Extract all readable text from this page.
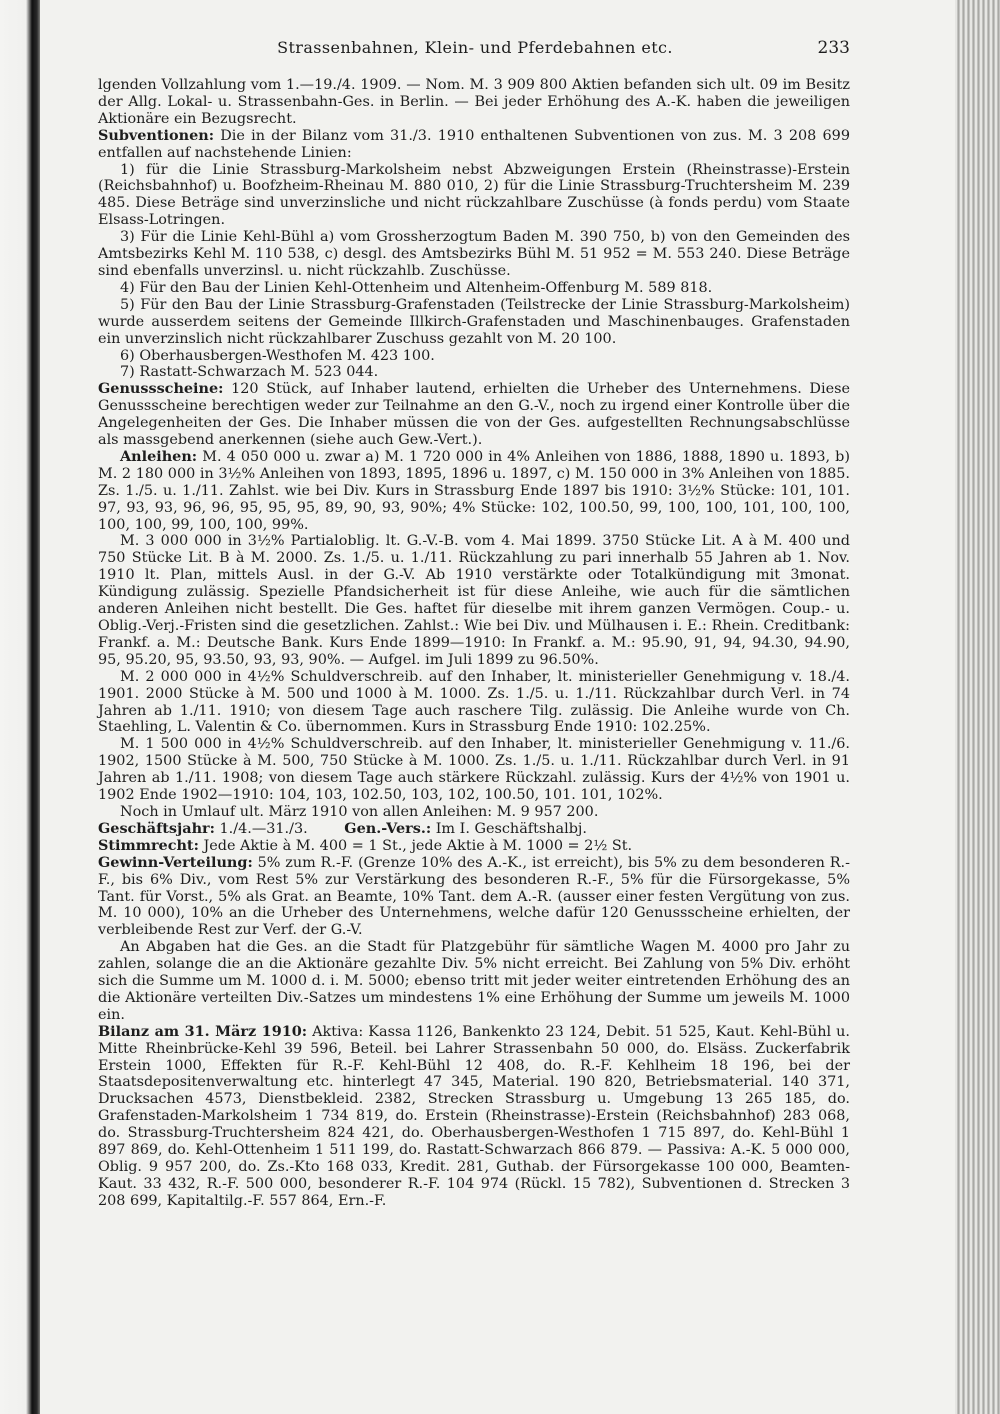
Strassenbahnen, Klein- und Pferdebahnen etc.	233

lgenden Vollzahlung vom 1.—19./4. 1909. — Nom. M. 3 909 800 Aktien befanden sich ult. 09 im Besitz der Allg. Lokal- u. Strassenbahn-Ges. in Berlin. — Bei jeder Erhöhung des A.-K. haben die jeweiligen Aktionäre ein Bezugsrecht.

Subventionen: Die in der Bilanz vom 31./3. 1910 enthaltenen Subventionen von zus. M. 3 208 699 entfallen auf nachstehende Linien:

1) für die Linie Strassburg-Markolsheim nebst Abzweigungen Erstein (Rheinstrasse)-Erstein (Reichsbahnhof) u. Boofzheim-Rheinau M. 880 010, 2) für die Linie Strassburg-Truchtersheim M. 239 485. Diese Beträge sind unverzinsliche und nicht rückzahlbare Zuschüsse (à fonds perdu) vom Staate Elsass-Lotringen.

3) Für die Linie Kehl-Bühl a) vom Grossherzogtum Baden M. 390 750, b) von den Gemeinden des Amtsbezirks Kehl M. 110 538, c) desgl. des Amtsbezirks Bühl M. 51 952 = M. 553 240. Diese Beträge sind ebenfalls unverzinsl. u. nicht rückzahlb. Zuschüsse.

4) Für den Bau der Linien Kehl-Ottenheim und Altenheim-Offenburg M. 589 818.

5) Für den Bau der Linie Strassburg-Grafenstaden (Teilstrecke der Linie Strassburg-Markolsheim) wurde ausserdem seitens der Gemeinde Illkirch-Grafenstaden und Maschinenbauges. Grafenstaden ein unverzinslich nicht rückzahlbarer Zuschuss gezahlt von M. 20 100.

6) Oberhausbergen-Westhofen M. 423 100.

7) Rastatt-Schwarzach M. 523 044.

Genussscheine: 120 Stück, auf Inhaber lautend, erhielten die Urheber des Unternehmens. Diese Genussscheine berechtigen weder zur Teilnahme an den G.-V., noch zu irgend einer Kontrolle über die Angelegenheiten der Ges. Die Inhaber müssen die von der Ges. aufgestellten Rechnungsabschlüsse als massgebend anerkennen (siehe auch Gew.-Vert.).

Anleihen: M. 4 050 000 u. zwar a) M. 1 720 000 in 4% Anleihen von 1886, 1888, 1890 u. 1893, b) M. 2 180 000 in 3½% Anleihen von 1893, 1895, 1896 u. 1897, c) M. 150 000 in 3% Anleihen von 1885. Zs. 1./5. u. 1./11. Zahlst. wie bei Div. Kurs in Strassburg Ende 1897 bis 1910: 3½% Stücke: 101, 101. 97, 93, 93, 96, 96, 95, 95, 95, 89, 90, 93, 90%; 4% Stücke: 102, 100.50, 99, 100, 100, 101, 100, 100, 100, 100, 99, 100, 100, 99%.

M. 3 000 000 in 3½% Partialoblig. lt. G.-V.-B. vom 4. Mai 1899. 3750 Stücke Lit. A à M. 400 und 750 Stücke Lit. B à M. 2000. Zs. 1./5. u. 1./11. Rückzahlung zu pari innerhalb 55 Jahren ab 1. Nov. 1910 lt. Plan, mittels Ausl. in der G.-V. Ab 1910 verstärkte oder Totalkündigung mit 3monat. Kündigung zulässig. Spezielle Pfandsicherheit ist für diese Anleihe, wie auch für die sämtlichen anderen Anleihen nicht bestellt. Die Ges. haftet für dieselbe mit ihrem ganzen Vermögen. Coup.- u. Oblig.-Verj.-Fristen sind die gesetzlichen. Zahlst.: Wie bei Div. und Mülhausen i. E.: Rhein. Creditbank: Frankf. a. M.: Deutsche Bank. Kurs Ende 1899—1910: In Frankf. a. M.: 95.90, 91, 94, 94.30, 94.90, 95, 95.20, 95, 93.50, 93, 93, 90%. — Aufgel. im Juli 1899 zu 96.50%.

M. 2 000 000 in 4½% Schuldverschreib. auf den Inhaber, lt. ministerieller Genehmigung v. 18./4. 1901. 2000 Stücke à M. 500 und 1000 à M. 1000. Zs. 1./5. u. 1./11. Rückzahlbar durch Verl. in 74 Jahren ab 1./11. 1910; von diesem Tage auch raschere Tilg. zulässig. Die Anleihe wurde von Ch. Staehling, L. Valentin & Co. übernommen. Kurs in Strassburg Ende 1910: 102.25%.

M. 1 500 000 in 4½% Schuldverschreib. auf den Inhaber, lt. ministerieller Genehmigung v. 11./6. 1902, 1500 Stücke à M. 500, 750 Stücke à M. 1000. Zs. 1./5. u. 1./11. Rückzahlbar durch Verl. in 91 Jahren ab 1./11. 1908; von diesem Tage auch stärkere Rückzahl. zulässig. Kurs der 4½% von 1901 u. 1902 Ende 1902—1910: 104, 103, 102.50, 103, 102, 100.50, 101. 101, 102%.

Noch in Umlauf ult. März 1910 von allen Anleihen: M. 9 957 200.

Geschäftsjahr: 1./4.—31./3.	Gen.-Vers.: Im I. Geschäftshalbj.

Stimmrecht: Jede Aktie à M. 400 = 1 St., jede Aktie à M. 1000 = 2½ St.

Gewinn-Verteilung: 5% zum R.-F. (Grenze 10% des A.-K., ist erreicht), bis 5% zu dem besonderen R.-F., bis 6% Div., vom Rest 5% zur Verstärkung des besonderen R.-F., 5% für die Fürsorgekasse, 5% Tant. für Vorst., 5% als Grat. an Beamte, 10% Tant. dem A.-R. (ausser einer festen Vergütung von zus. M. 10 000), 10% an die Urheber des Unternehmens, welche dafür 120 Genussscheine erhielten, der verbleibende Rest zur Verf. der G.-V.

An Abgaben hat die Ges. an die Stadt für Platzgebühr für sämtliche Wagen M. 4000 pro Jahr zu zahlen, solange die an die Aktionäre gezahlte Div. 5% nicht erreicht. Bei Zahlung von 5% Div. erhöht sich die Summe um M. 1000 d. i. M. 5000; ebenso tritt mit jeder weiter eintretenden Erhöhung des an die Aktionäre verteilten Div.-Satzes um mindestens 1% eine Erhöhung der Summe um jeweils M. 1000 ein.

Bilanz am 31. März 1910: Aktiva: Kassa 1126, Bankenkto 23 124, Debit. 51 525, Kaut. Kehl-Bühl u. Mitte Rheinbrücke-Kehl 39 596, Beteil. bei Lahrer Strassenbahn 50 000, do. Elsäss. Zuckerfabrik Erstein 1000, Effekten für R.-F. Kehl-Bühl 12 408, do. R.-F. Kehlheim 18 196, bei der Staatsdepositenverwaltung etc. hinterlegt 47 345, Material. 190 820, Betriebsmaterial. 140 371, Drucksachen 4573, Dienstbekleid. 2382, Strecken Strassburg u. Umgebung 13 265 185, do. Grafenstaden-Markolsheim 1 734 819, do. Erstein (Rheinstrasse)-Erstein (Reichsbahnhof) 283 068, do. Strassburg-Truchtersheim 824 421, do. Oberhausbergen-Westhofen 1 715 897, do. Kehl-Bühl 1 897 869, do. Kehl-Ottenheim 1 511 199, do. Rastatt-Schwarzach 866 879. — Passiva: A.-K. 5 000 000, Oblig. 9 957 200, do. Zs.-Kto 168 033, Kredit. 281, Guthab. der Fürsorgekasse 100 000, Beamten-Kaut. 33 432, R.-F. 500 000, besonderer R.-F. 104 974 (Rückl. 15 782), Subventionen d. Strecken 3 208 699, Kapitaltilg.-F. 557 864, Ern.-F.
